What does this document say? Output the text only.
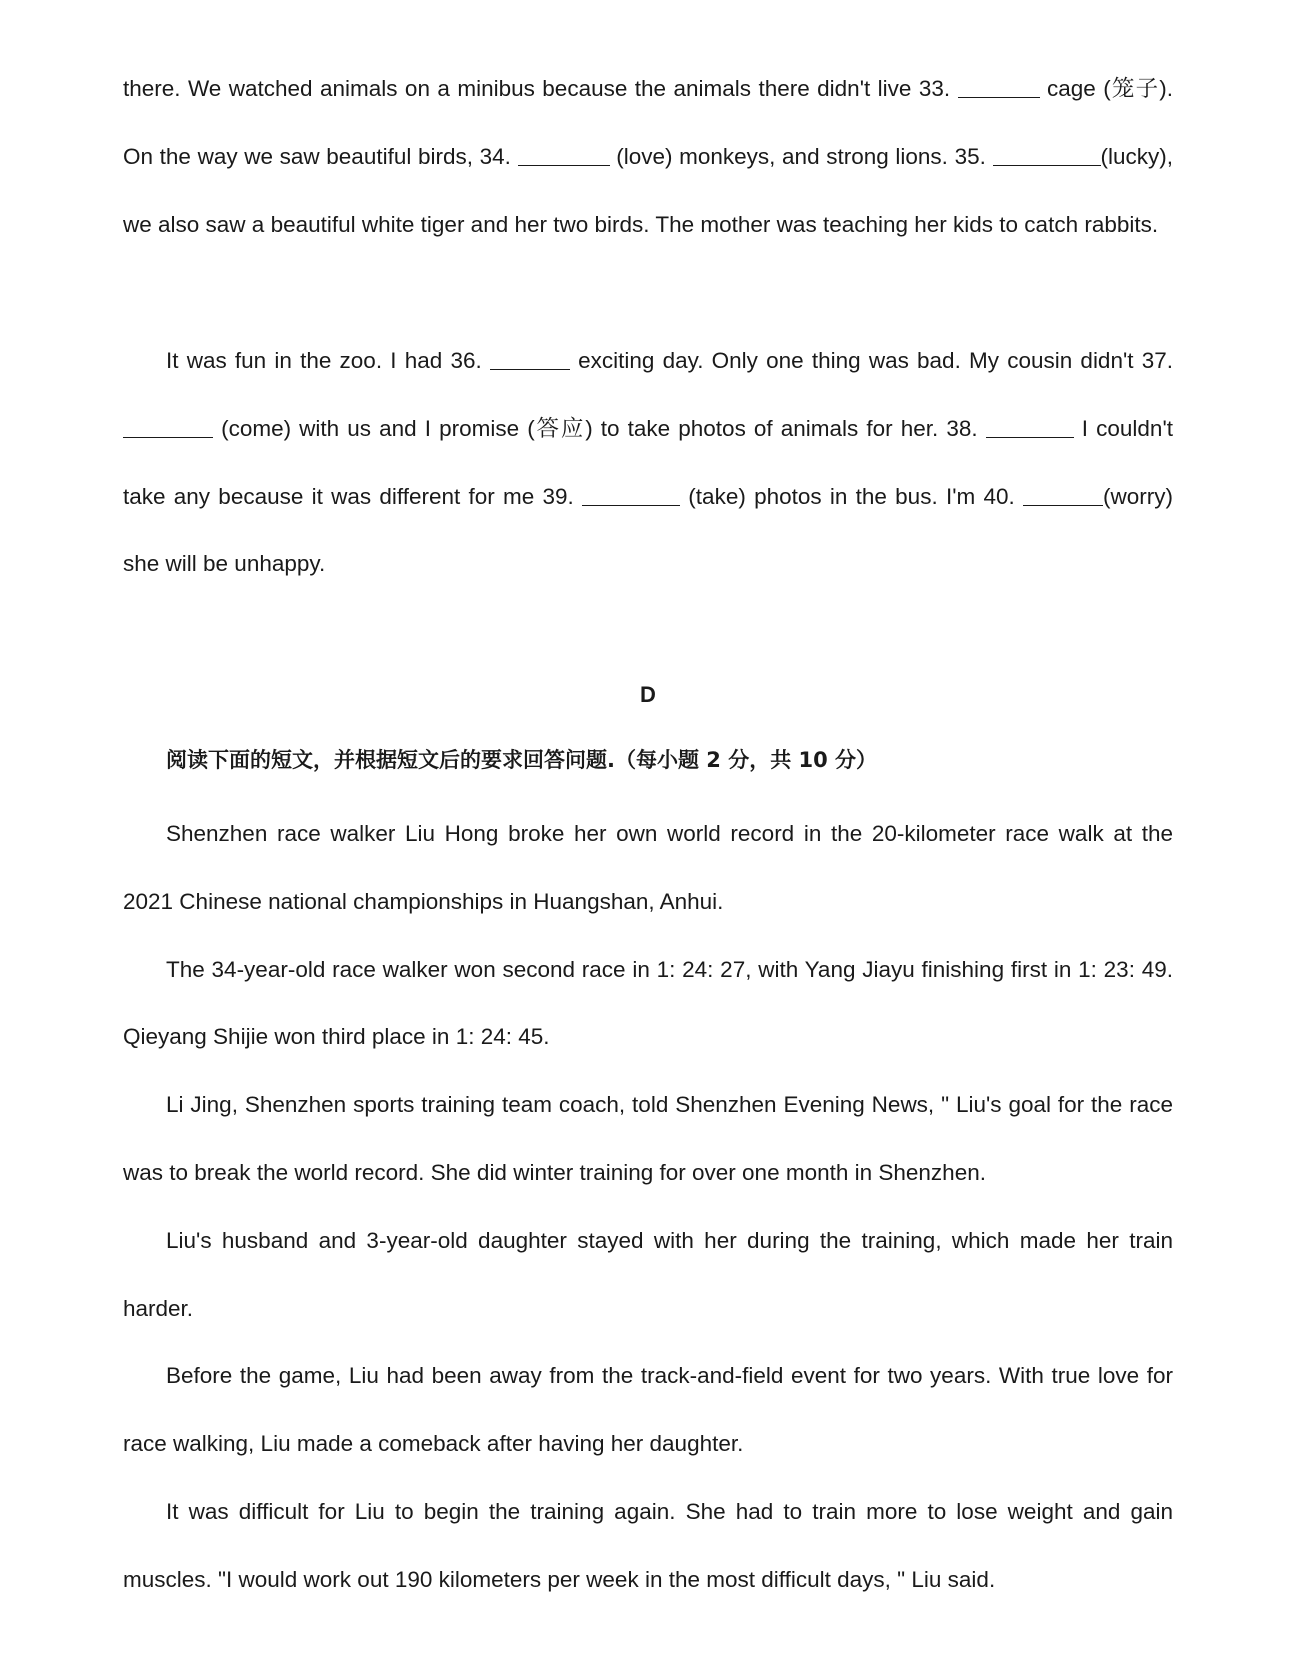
there. We watched animals on a minibus because the animals there didn't live 33.	cage (笼子). On the way we saw beautiful birds, 34.	(love) monkeys, and strong lions. 35.	(lucky), we also saw a beautiful white tiger and her two birds. The mother was teaching her kids to catch rabbits.

It was fun in the zoo. I had 36.	exciting day. Only one thing was bad. My cousin didn't 37.  (come) with us and I promise (答应) to take photos of animals for her. 38.	I couldn't take any because it was different for me 39.	(take) photos in the bus. I'm 40.	(worry) she will be unhappy.

D

阅读下面的短文，并根据短文后的要求回答问题.（每小题 2 分，共 10 分）

Shenzhen race walker Liu Hong broke her own world record in the 20-kilometer race walk at the 2021 Chinese national championships in Huangshan, Anhui.

The 34-year-old race walker won second race in 1: 24: 27, with Yang Jiayu finishing first in 1: 23: 49. Qieyang Shijie won third place in 1: 24: 45.

Li Jing, Shenzhen sports training team coach, told Shenzhen Evening News, " Liu's goal for the race was to break the world record. She did winter training for over one month in Shenzhen.

Liu's husband and 3-year-old daughter stayed with her during the training, which made her train harder.

Before the game, Liu had been away from the track-and-field event for two years. With true love for race walking, Liu made a comeback after having her daughter.

It was difficult for Liu to begin the training again. She had to train more to lose weight and gain muscles. "I would work out 190 kilometers per week in the most difficult days, " Liu said.
